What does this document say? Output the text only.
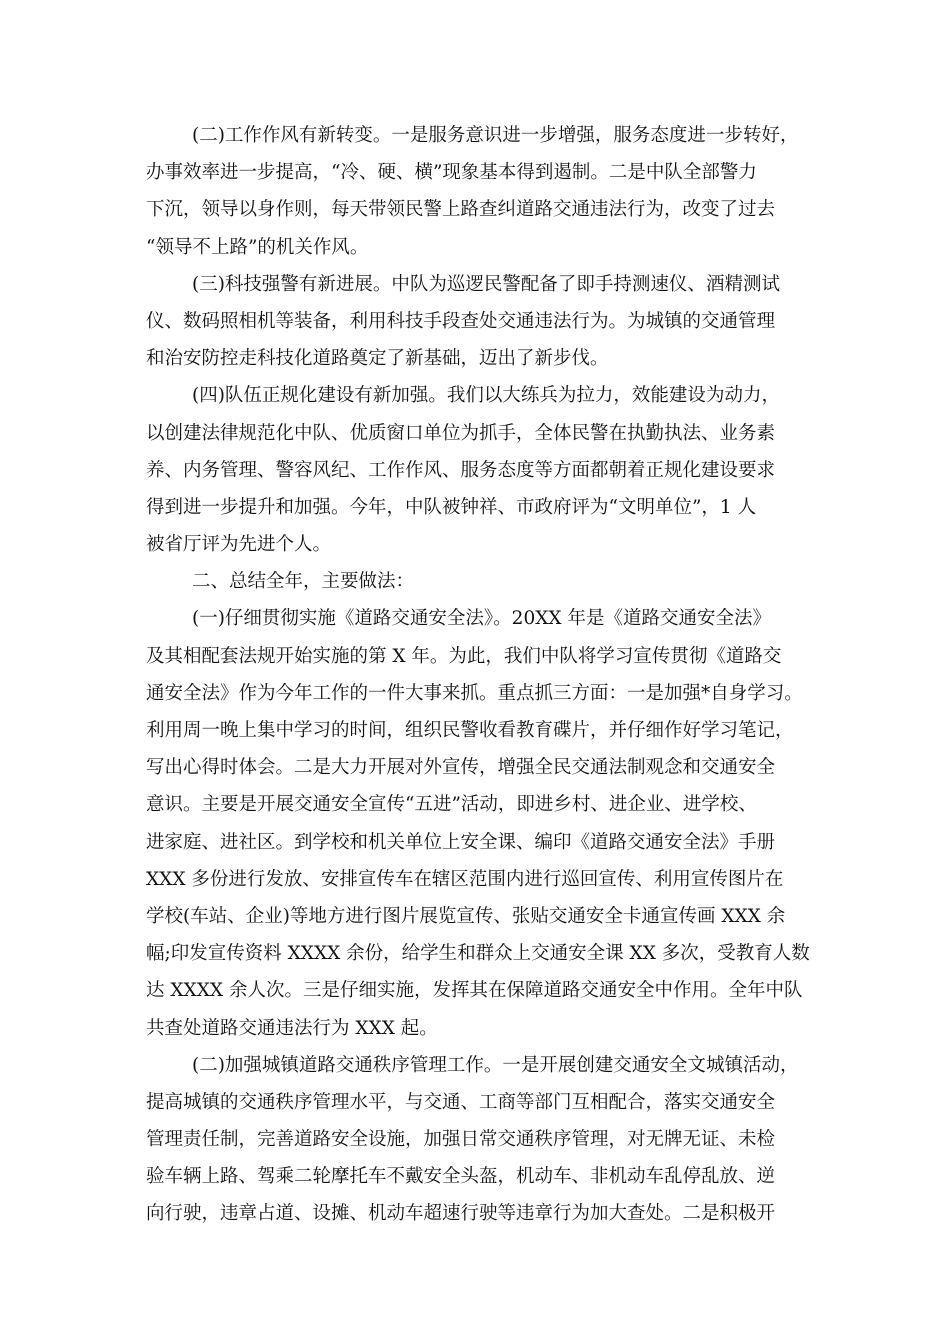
(二)工作作风有新转变。一是服务意识进一步增强，服务态度进一步转好，
办事效率进一步提高，“冷、硬、横”现象基本得到遏制。二是中队全部警力
下沉，领导以身作则，每天带领民警上路查纠道路交通违法行为，改变了过去
“领导不上路”的机关作风。
(三)科技强警有新进展。中队为巡逻民警配备了即手持测速仪、酒精测试
仪、数码照相机等装备，利用科技手段查处交通违法行为。为城镇的交通管理
和治安防控走科技化道路奠定了新基础，迈出了新步伐。
(四)队伍正规化建设有新加强。我们以大练兵为拉力，效能建设为动力，
以创建法律规范化中队、优质窗口单位为抓手，全体民警在执勤执法、业务素
养、内务管理、警容风纪、工作作风、服务态度等方面都朝着正规化建设要求
得到进一步提升和加强。今年，中队被钟祥、市政府评为“文明单位”，1 人
被省厅评为先进个人。
二、总结全年，主要做法：
(一)仔细贯彻实施《道路交通安全法》。20XX 年是《道路交通安全法》
及其相配套法规开始实施的第 X 年。为此，我们中队将学习宣传贯彻《道路交
通安全法》作为今年工作的一件大事来抓。重点抓三方面：一是加强*自身学习。
利用周一晚上集中学习的时间，组织民警收看教育碟片，并仔细作好学习笔记，
写出心得时体会。二是大力开展对外宣传，增强全民交通法制观念和交通安全
意识。主要是开展交通安全宣传“五进”活动，即进乡村、进企业、进学校、
进家庭、进社区。到学校和机关单位上安全课、编印《道路交通安全法》手册
XXX 多份进行发放、安排宣传车在辖区范围内进行巡回宣传、利用宣传图片在
学校(车站、企业)等地方进行图片展览宣传、张贴交通安全卡通宣传画 XXX 余
幅;印发宣传资料 XXXX 余份，给学生和群众上交通安全课 XX 多次，受教育人数
达 XXXX 余人次。三是仔细实施，发挥其在保障道路交通安全中作用。全年中队
共查处道路交通违法行为 XXX 起。
(二)加强城镇道路交通秩序管理工作。一是开展创建交通安全文城镇活动，
提高城镇的交通秩序管理水平，与交通、工商等部门互相配合，落实交通安全
管理责任制，完善道路安全设施，加强日常交通秩序管理，对无牌无证、未检
验车辆上路、驾乘二轮摩托车不戴安全头盔，机动车、非机动车乱停乱放、逆
向行驶，违章占道、设摊、机动车超速行驶等违章行为加大查处。二是积极开
